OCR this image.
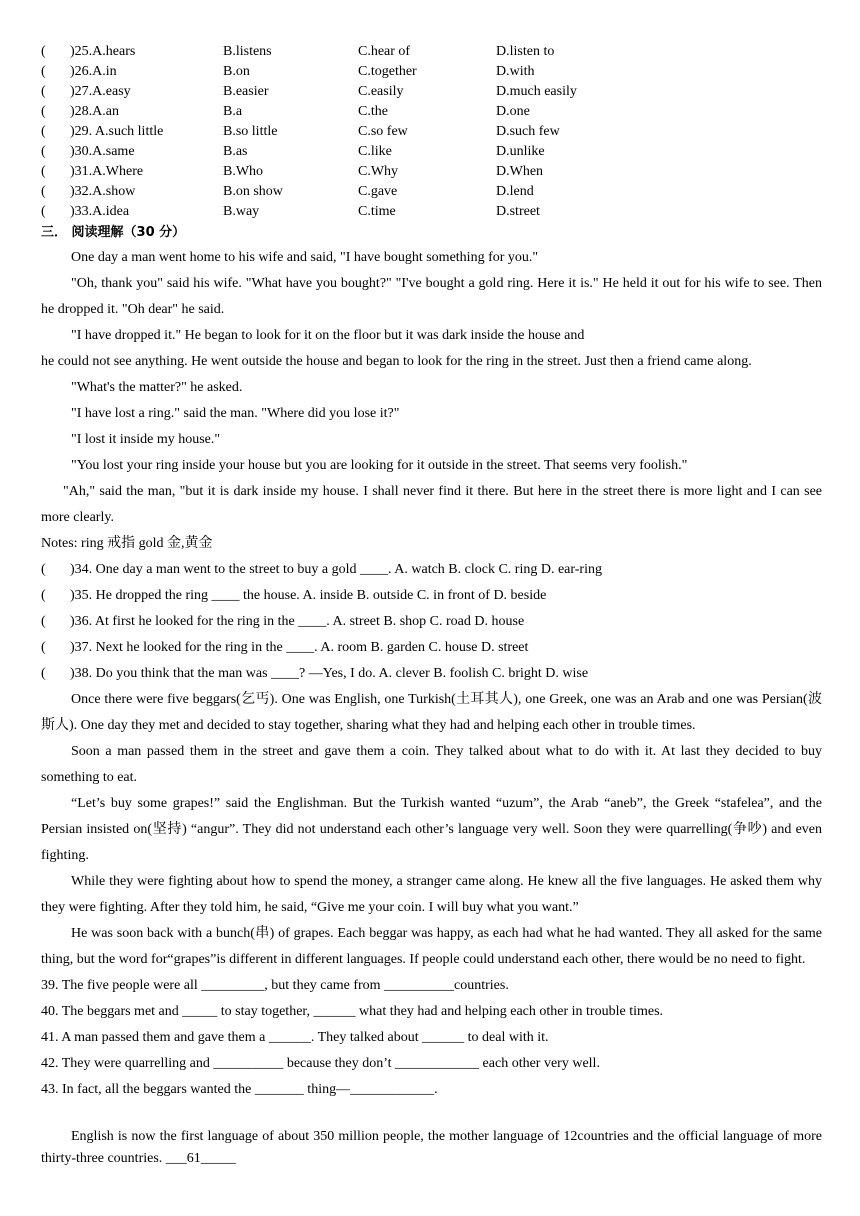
( )25.A.hears	B.listens	C.hear of	D.listen to
( )26.A.in	B.on	C.together	D.with
( )27.A.easy	B.easier	C.easily	D.much easily
( )28.A.an	B.a	C.the	D.one
( )29. A.such little	B.so little	C.so few	D.such few
( )30.A.same	B.as	C.like	D.unlike
( )31.A.Where	B.Who	C.Why	D.When
( )32.A.show	B.on show	C.gave	D.lend
( )33.A.idea	B.way	C.time	D.street
三． 阅读理解（30 分）

One day a man went home to his wife and said, "I have bought something for you."

"Oh, thank you" said his wife. "What have you bought?" "I've bought a gold ring. Here it is." He held it out for his wife to see. Then he dropped it. "Oh dear" he said.

"I have dropped it." He began to look for it on the floor but it was dark inside the house and

he could not see anything. He went outside the house and began to look for the ring in the street. Just then a friend came along.

"What's the matter?" he asked.

"I have lost a ring." said the man. "Where did you lose it?"

"I lost it inside my house."

"You lost your ring inside your house but you are looking for it outside in the street. That seems very foolish."

"Ah," said the man, "but it is dark inside my house. I shall never find it there. But here in the street there is more light and I can see more clearly.

Notes: ring 戒指 gold 金,黄金

( )34. One day a man went to the street to buy a gold ____. A. watch B. clock C. ring D. ear-ring

( )35. He dropped the ring ____ the house. A. inside B. outside C. in front of D. beside

( )36. At first he looked for the ring in the ____. A. street B. shop C. road D. house

( )37. Next he looked for the ring in the ____. A. room B. garden C. house D. street

( )38. Do you think that the man was ____? —Yes, I do. A. clever B. foolish C. bright D. wise

Once there were five beggars(乞丐). One was English, one Turkish(土耳其人), one Greek, one was an Arab and one was Persian(波斯人). One day they met and decided to stay together, sharing what they had and helping each other in trouble times.

Soon a man passed them in the street and gave them a coin. They talked about what to do with it. At last they decided to buy something to eat.

“Let’s buy some grapes!” said the Englishman. But the Turkish wanted “uzum”, the Arab “aneb”, the Greek “stafelea”, and the Persian insisted on(坚持) “angur”. They did not understand each other’s language very well. Soon they were quarrelling(争吵) and even fighting.

While they were fighting about how to spend the money, a stranger came along. He knew all the five languages. He asked them why they were fighting. After they told him, he said, “Give me your coin. I will buy what you want.”

He was soon back with a bunch(串) of grapes. Each beggar was happy, as each had what he had wanted. They all asked for the same thing, but the word for“grapes”is different in different languages. If people could understand each other, there would be no need to fight.

39. The five people were all _________, but they came from __________countries.

40. The beggars met and _____ to stay together, ______ what they had and helping each other in trouble times.

41. A man passed them and gave them a ______. They talked about ______ to deal with it.

42. They were quarrelling and __________ because they don’t ____________ each other very well.

43. In fact, all the beggars wanted the _______ thing—____________.

English is now the first language of about 350 million people, the mother language of 12countries and the official language of more thirty-three countries. ___61_____
